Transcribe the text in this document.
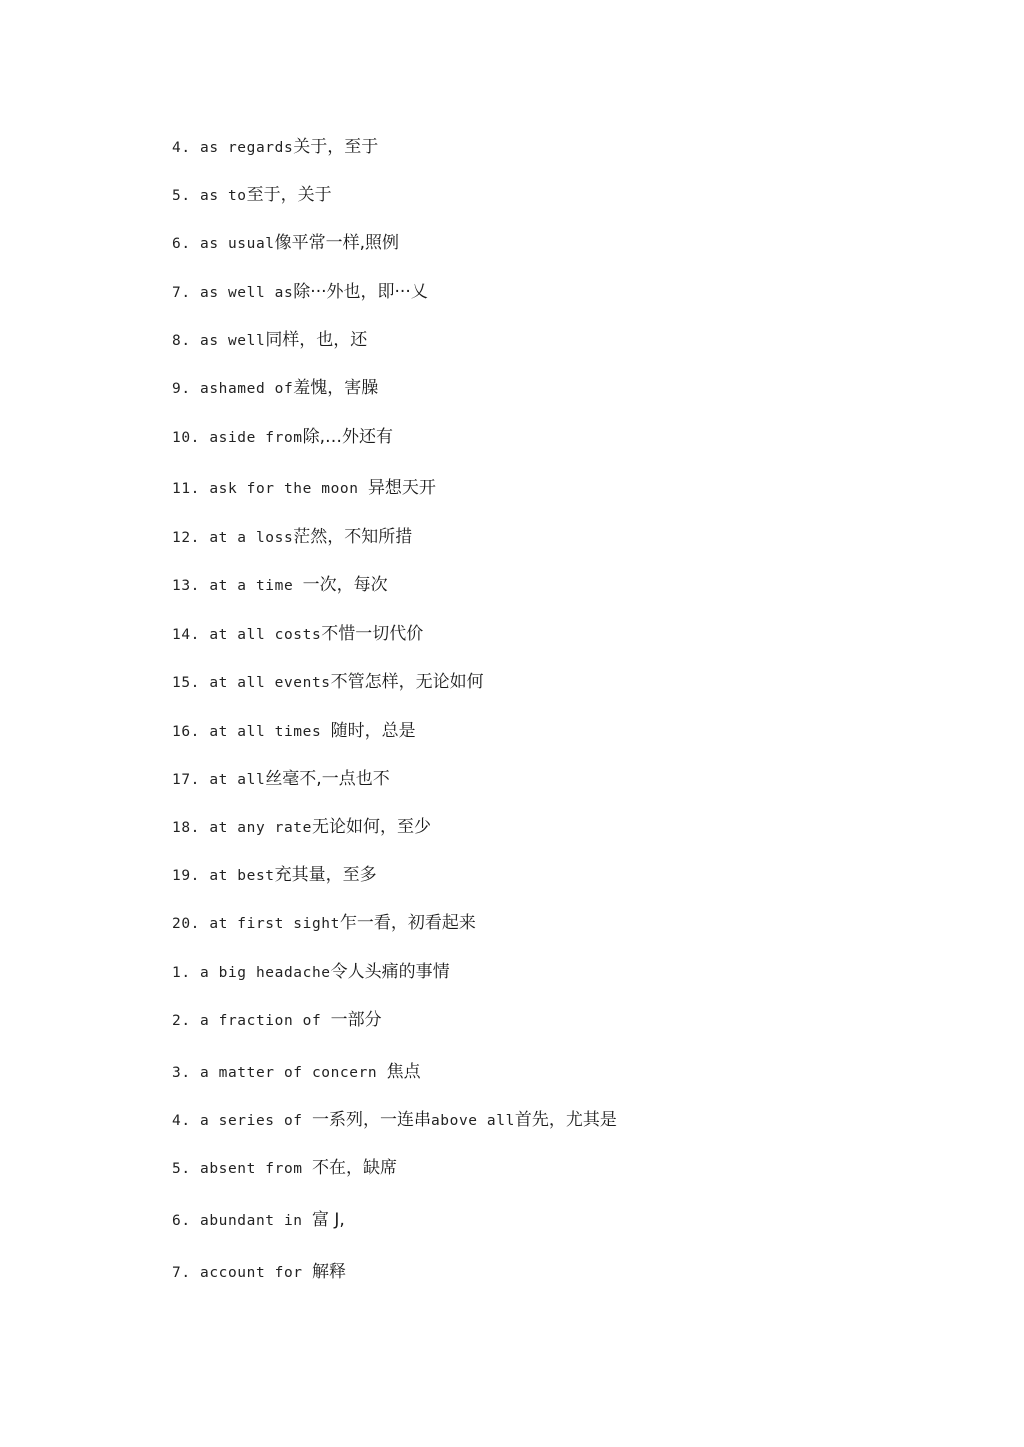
4. as regards关于，至于
5. as to至于，关于
6. as usual像平常一样,照例
7. as well as除···外也，即···乂
8. as well同样，也，还
9. ashamed of羞愧，害臊
10. aside from除,…外还有
11. ask for the moon 异想天开
12. at a loss茫然，不知所措
13. at a time 一次，每次
14. at all costs不惜一切代价
15. at all events不管怎样，无论如何
16. at all times 随时，总是
17. at all丝毫不,一点也不
18. at any rate无论如何，至少
19. at best充其量，至多
20. at first sight乍一看，初看起来
1. a big headache令人头痛的事情
2. a fraction of 一部分
3. a matter of concern 焦点
4. a series of 一系列，一连串above all首先，尤其是
5. absent from 不在，缺席
6. abundant in 富 J,
7. account for 解释
